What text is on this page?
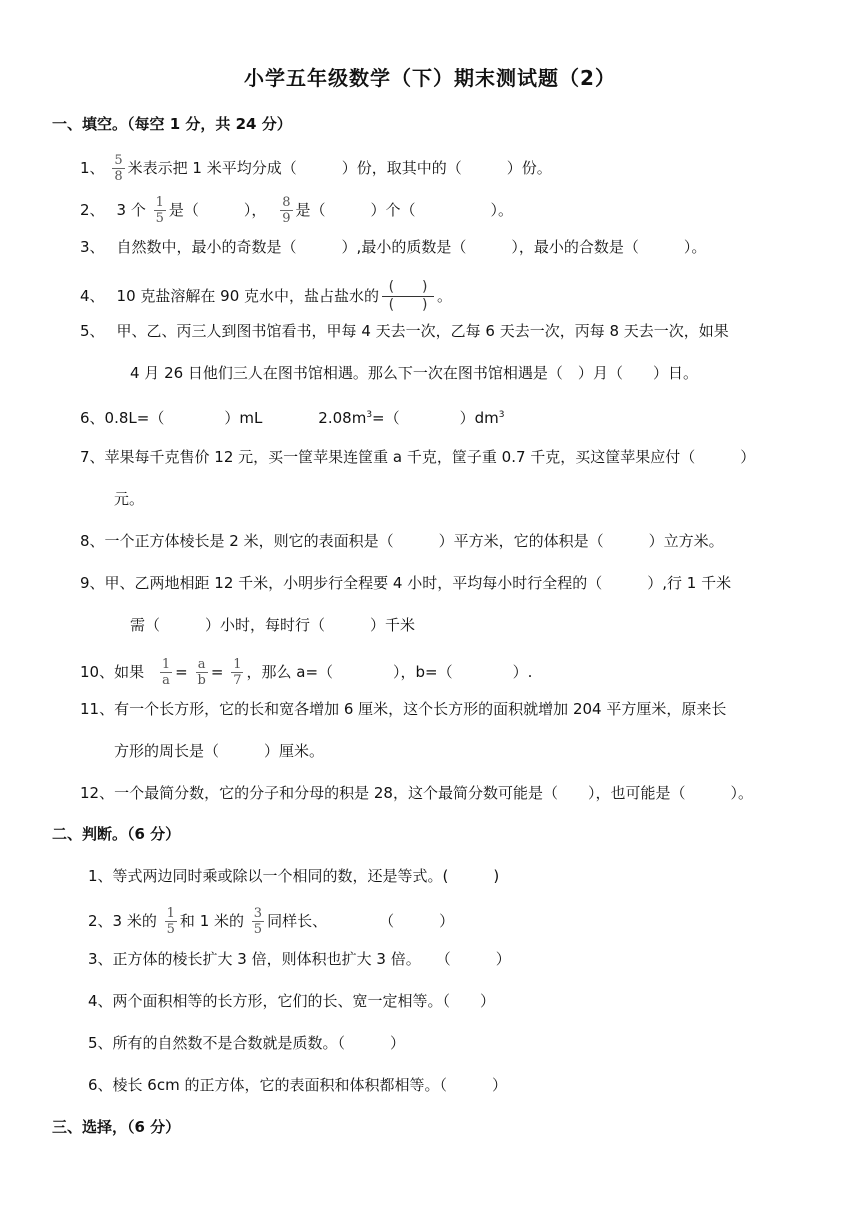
小学五年级数学（下）期末测试题（2）
一、填空。（每空 1 分，共 24 分）
1、 $\frac{5}{8}$ 米表示把 1 米平均分成（　　　）份，取其中的（　　　）份。
2、 3 个 $\frac{1}{5}$ 是（　　　）， $\frac{8}{9}$ 是（　　　）个（　　　　　）。
3、 自然数中，最小的奇数是（　　　）,最小的质数是（　　　），最小的合数是（　　　）。
4、 10 克盐溶解在 90 克水中，盐占盐水的 $\frac{( )}{( )}$ 。
5、 甲、乙、丙三人到图书馆看书，甲每 4 天去一次，乙每 6 天去一次，丙每 8 天去一次，如果
4 月 26 日他们三人在图书馆相遇。那么下一次在图书馆相遇是（　）月（　　）日。
6、0.8L=（　　　　）mL	$2.08m^3=$（　　　　）$dm^3$
7、苹果每千克售价 12 元，买一筐苹果连筐重 a 千克，筐子重 0.7 千克，买这筐苹果应付（　　　）
元。
8、一个正方体棱长是 2 米，则它的表面积是（　　　）平方米，它的体积是（　　　）立方米。
9、甲、乙两地相距 12 千米，小明步行全程要 4 小时，平均每小时行全程的（　　　）,行 1 千米
需（　　　）小时，每时行（　　　）千米
10、如果 $\frac{1}{a} = \frac{a}{b} = \frac{1}{7}$ ，那么 a=（　　　　），b=（　　　　）.
11、有一个长方形，它的长和宽各增加 6 厘米，这个长方形的面积就增加 204 平方厘米，原来长
方形的周长是（　　　）厘米。
12、一个最简分数，它的分子和分母的积是 28，这个最简分数可能是（　　），也可能是（　　　）。
二、判断。（6 分）
1、等式两边同时乘或除以一个相同的数，还是等式。(　　　)
2、3 米的 $\frac{1}{5}$ 和 1 米的 $\frac{3}{5}$ 同样长、	（　　　）
3、正方体的棱长扩大 3 倍，则体积也扩大 3 倍。　　（　　　）
4、两个面积相等的长方形，它们的长、宽一定相等。（　　）
5、所有的自然数不是合数就是质数。（　　　）
6、棱长 6cm 的正方体，它的表面积和体积都相等。（　　　）
三、选择，（6 分）
